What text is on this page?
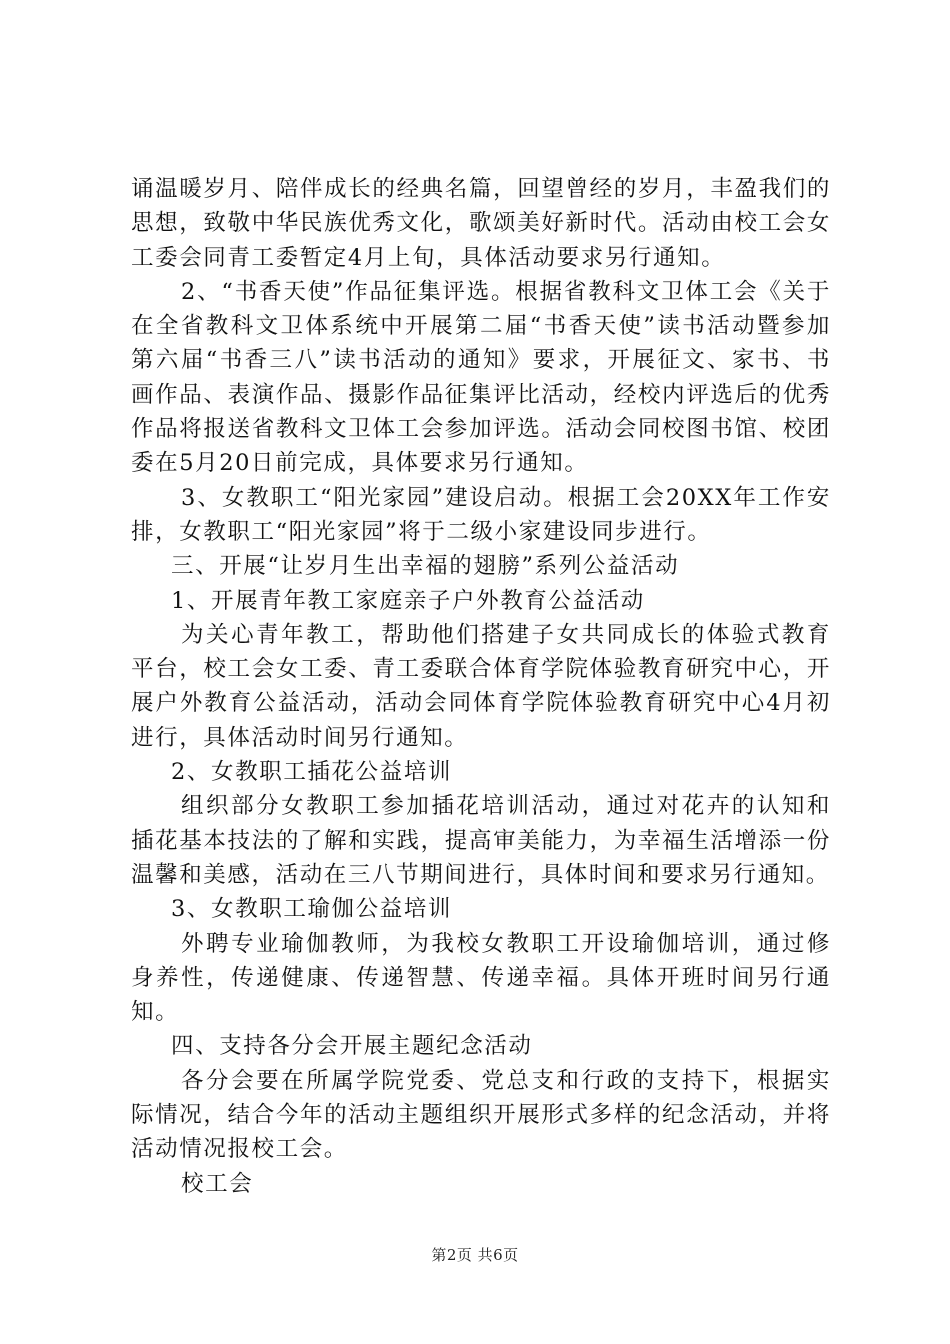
诵温暖岁月、陪伴成长的经典名篇，回望曾经的岁月，丰盈我们的思想，致敬中华民族优秀文化，歌颂美好新时代。活动由校工会女工委会同青工委暂定4月上旬，具体活动要求另行通知。

2、“书香天使”作品征集评选。根据省教科文卫体工会《关于在全省教科文卫体系统中开展第二届“书香天使”读书活动暨参加第六届“书香三八”读书活动的通知》要求，开展征文、家书、书画作品、表演作品、摄影作品征集评比活动，经校内评选后的优秀作品将报送省教科文卫体工会参加评选。活动会同校图书馆、校团委在5月20日前完成，具体要求另行通知。

3、女教职工“阳光家园”建设启动。根据工会20XX年工作安排，女教职工“阳光家园”将于二级小家建设同步进行。

三、开展“让岁月生出幸福的翅膀”系列公益活动

1、开展青年教工家庭亲子户外教育公益活动

为关心青年教工，帮助他们搭建子女共同成长的体验式教育平台，校工会女工委、青工委联合体育学院体验教育研究中心，开展户外教育公益活动，活动会同体育学院体验教育研究中心4月初进行，具体活动时间另行通知。

2、女教职工插花公益培训

组织部分女教职工参加插花培训活动，通过对花卉的认知和插花基本技法的了解和实践，提高审美能力，为幸福生活增添一份温馨和美感，活动在三八节期间进行，具体时间和要求另行通知。

3、女教职工瑜伽公益培训

外聘专业瑜伽教师，为我校女教职工开设瑜伽培训，通过修身养性，传递健康、传递智慧、传递幸福。具体开班时间另行通知。

四、支持各分会开展主题纪念活动

各分会要在所属学院党委、党总支和行政的支持下，根据实际情况，结合今年的活动主题组织开展形式多样的纪念活动，并将活动情况报校工会。

校工会

第2页 共6页
